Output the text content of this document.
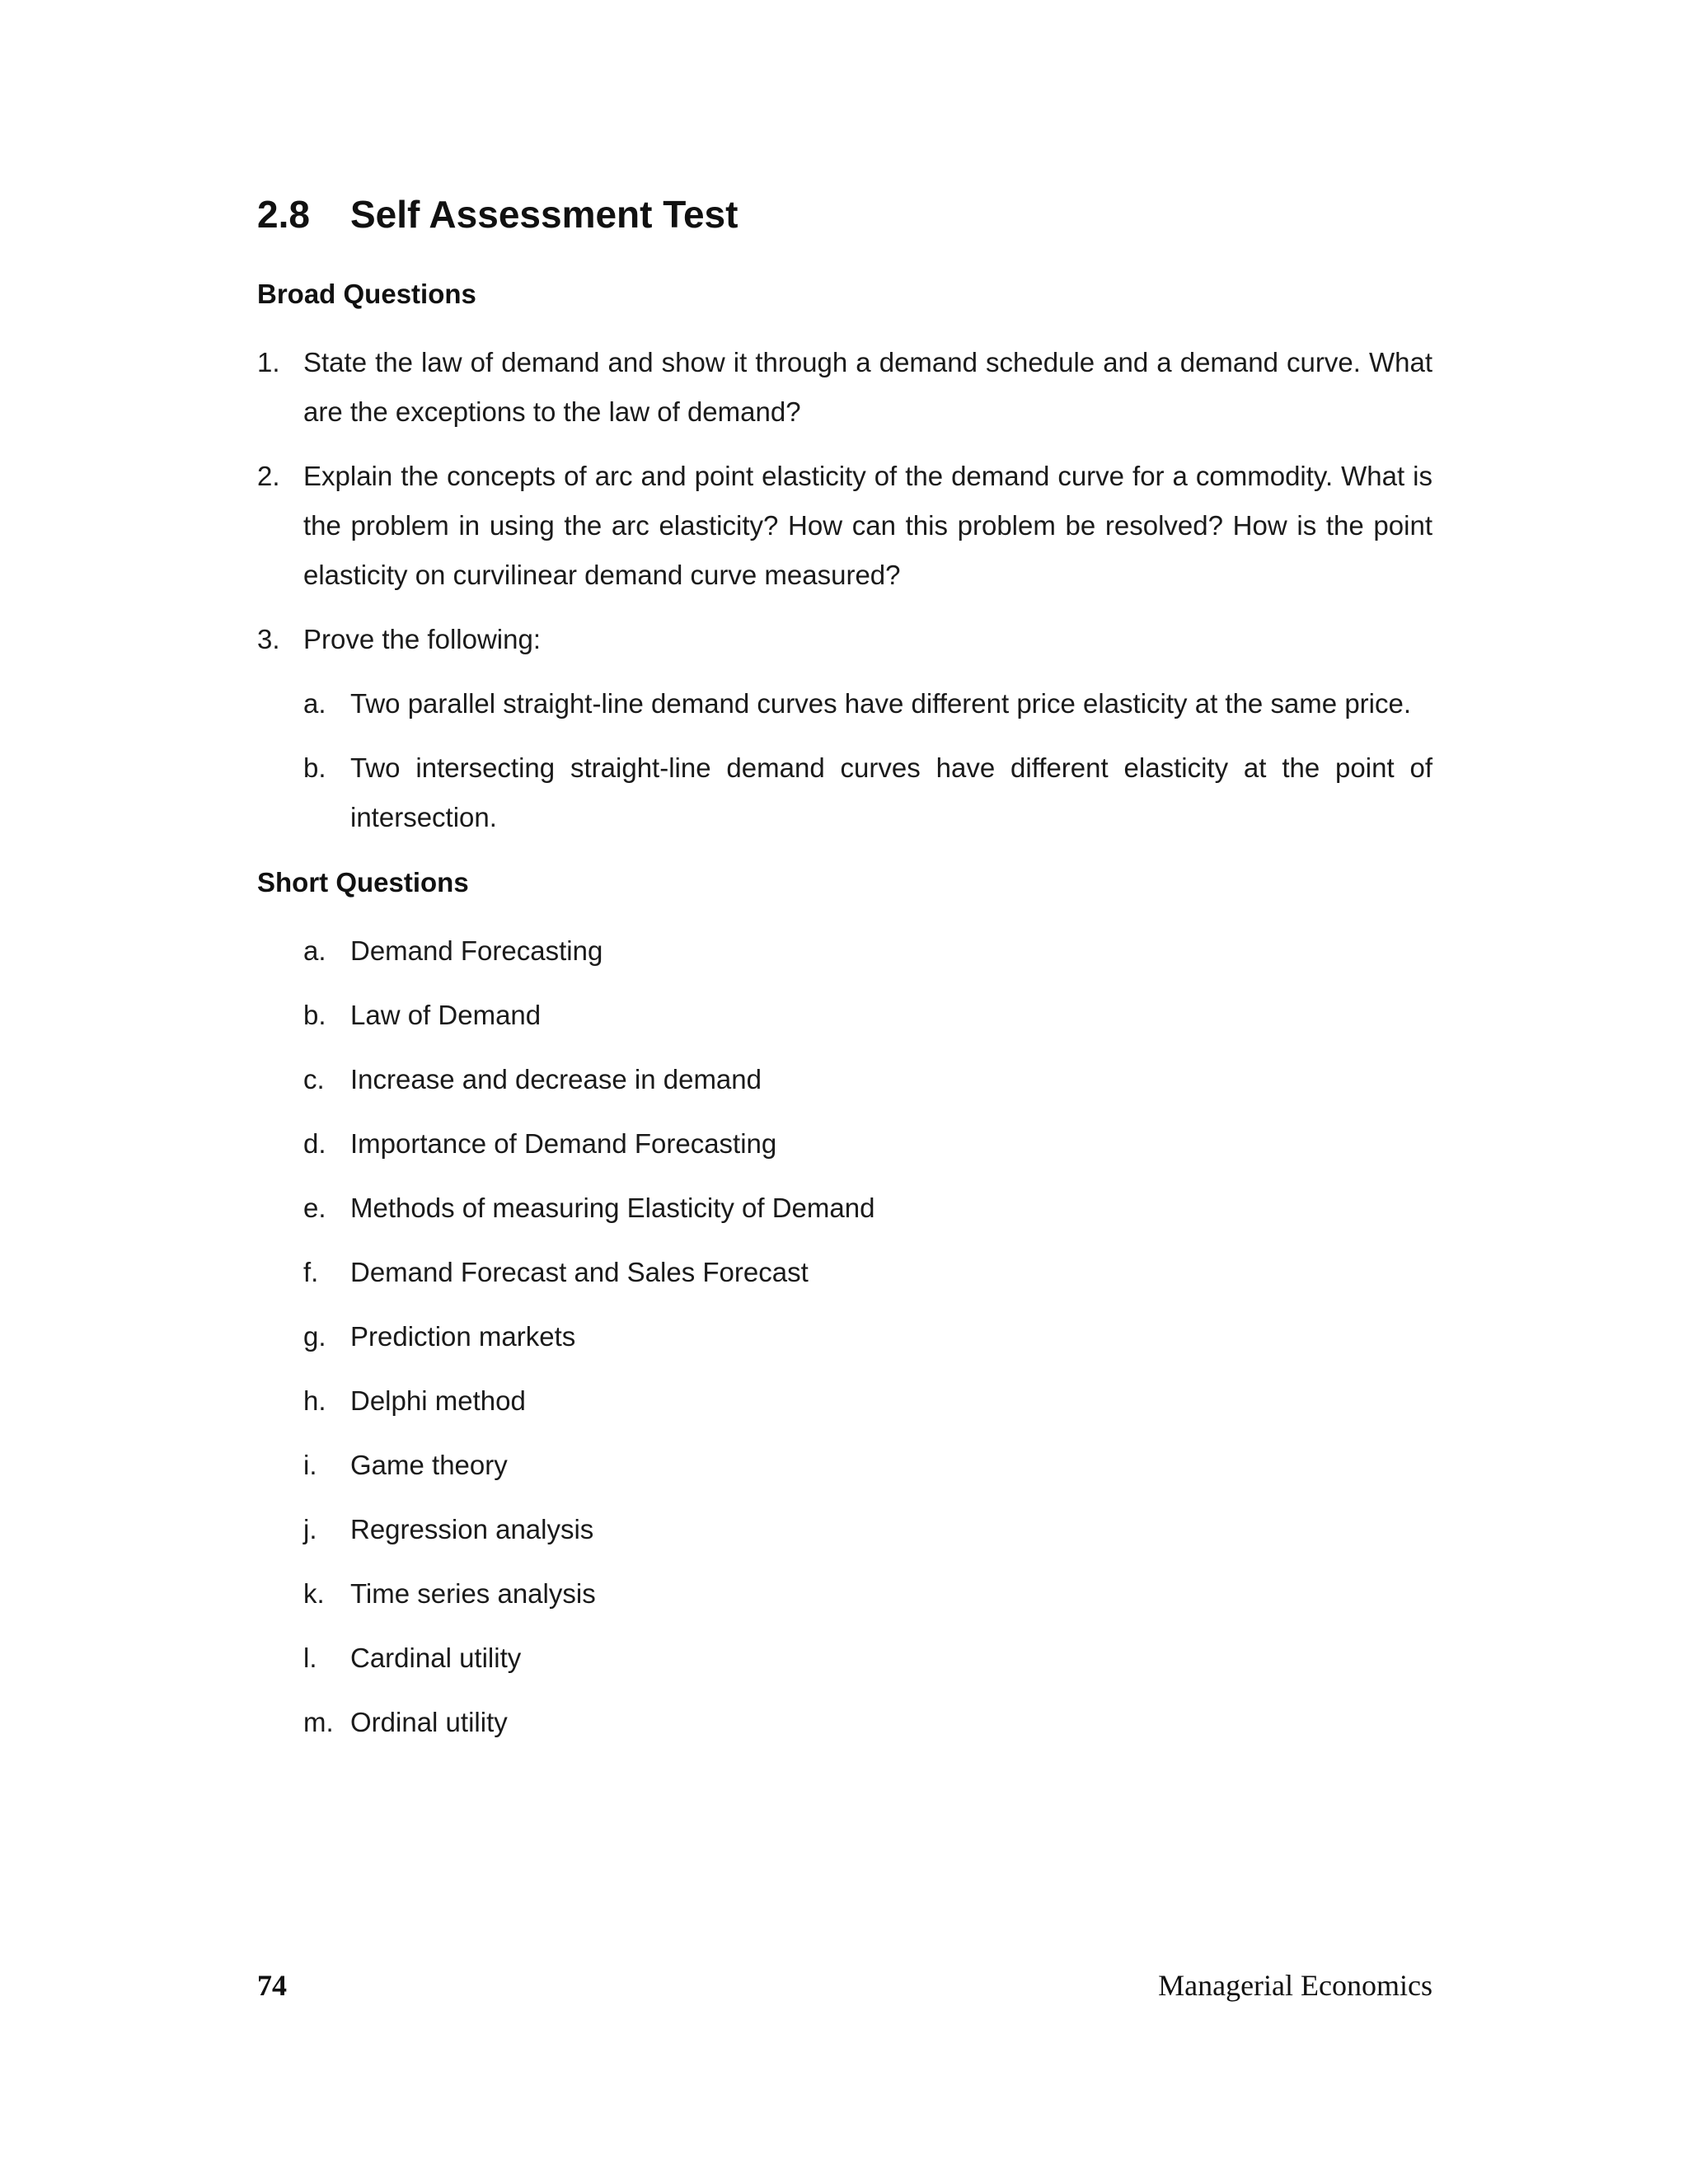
2.8	Self Assessment Test
Broad Questions
1. State the law of demand and show it through a demand schedule and a demand curve. What are the exceptions to the law of demand?
2. Explain the concepts of arc and point elasticity of the demand curve for a commodity. What is the problem in using the arc elasticity? How can this problem be resolved? How is the point elasticity on curvilinear demand curve measured?
3. Prove the following:
a. Two parallel straight-line demand curves have different price elasticity at the same price.
b. Two intersecting straight-line demand curves have different elasticity at the point of intersection.
Short Questions
a. Demand Forecasting
b. Law of Demand
c. Increase and decrease in demand
d. Importance of Demand Forecasting
e. Methods of measuring Elasticity of Demand
f.	Demand Forecast and Sales Forecast
g. Prediction markets
h. Delphi method
i.	Game theory
j.	Regression analysis
k. Time series analysis
l.	Cardinal utility
m. Ordinal utility
74	Managerial Economics
